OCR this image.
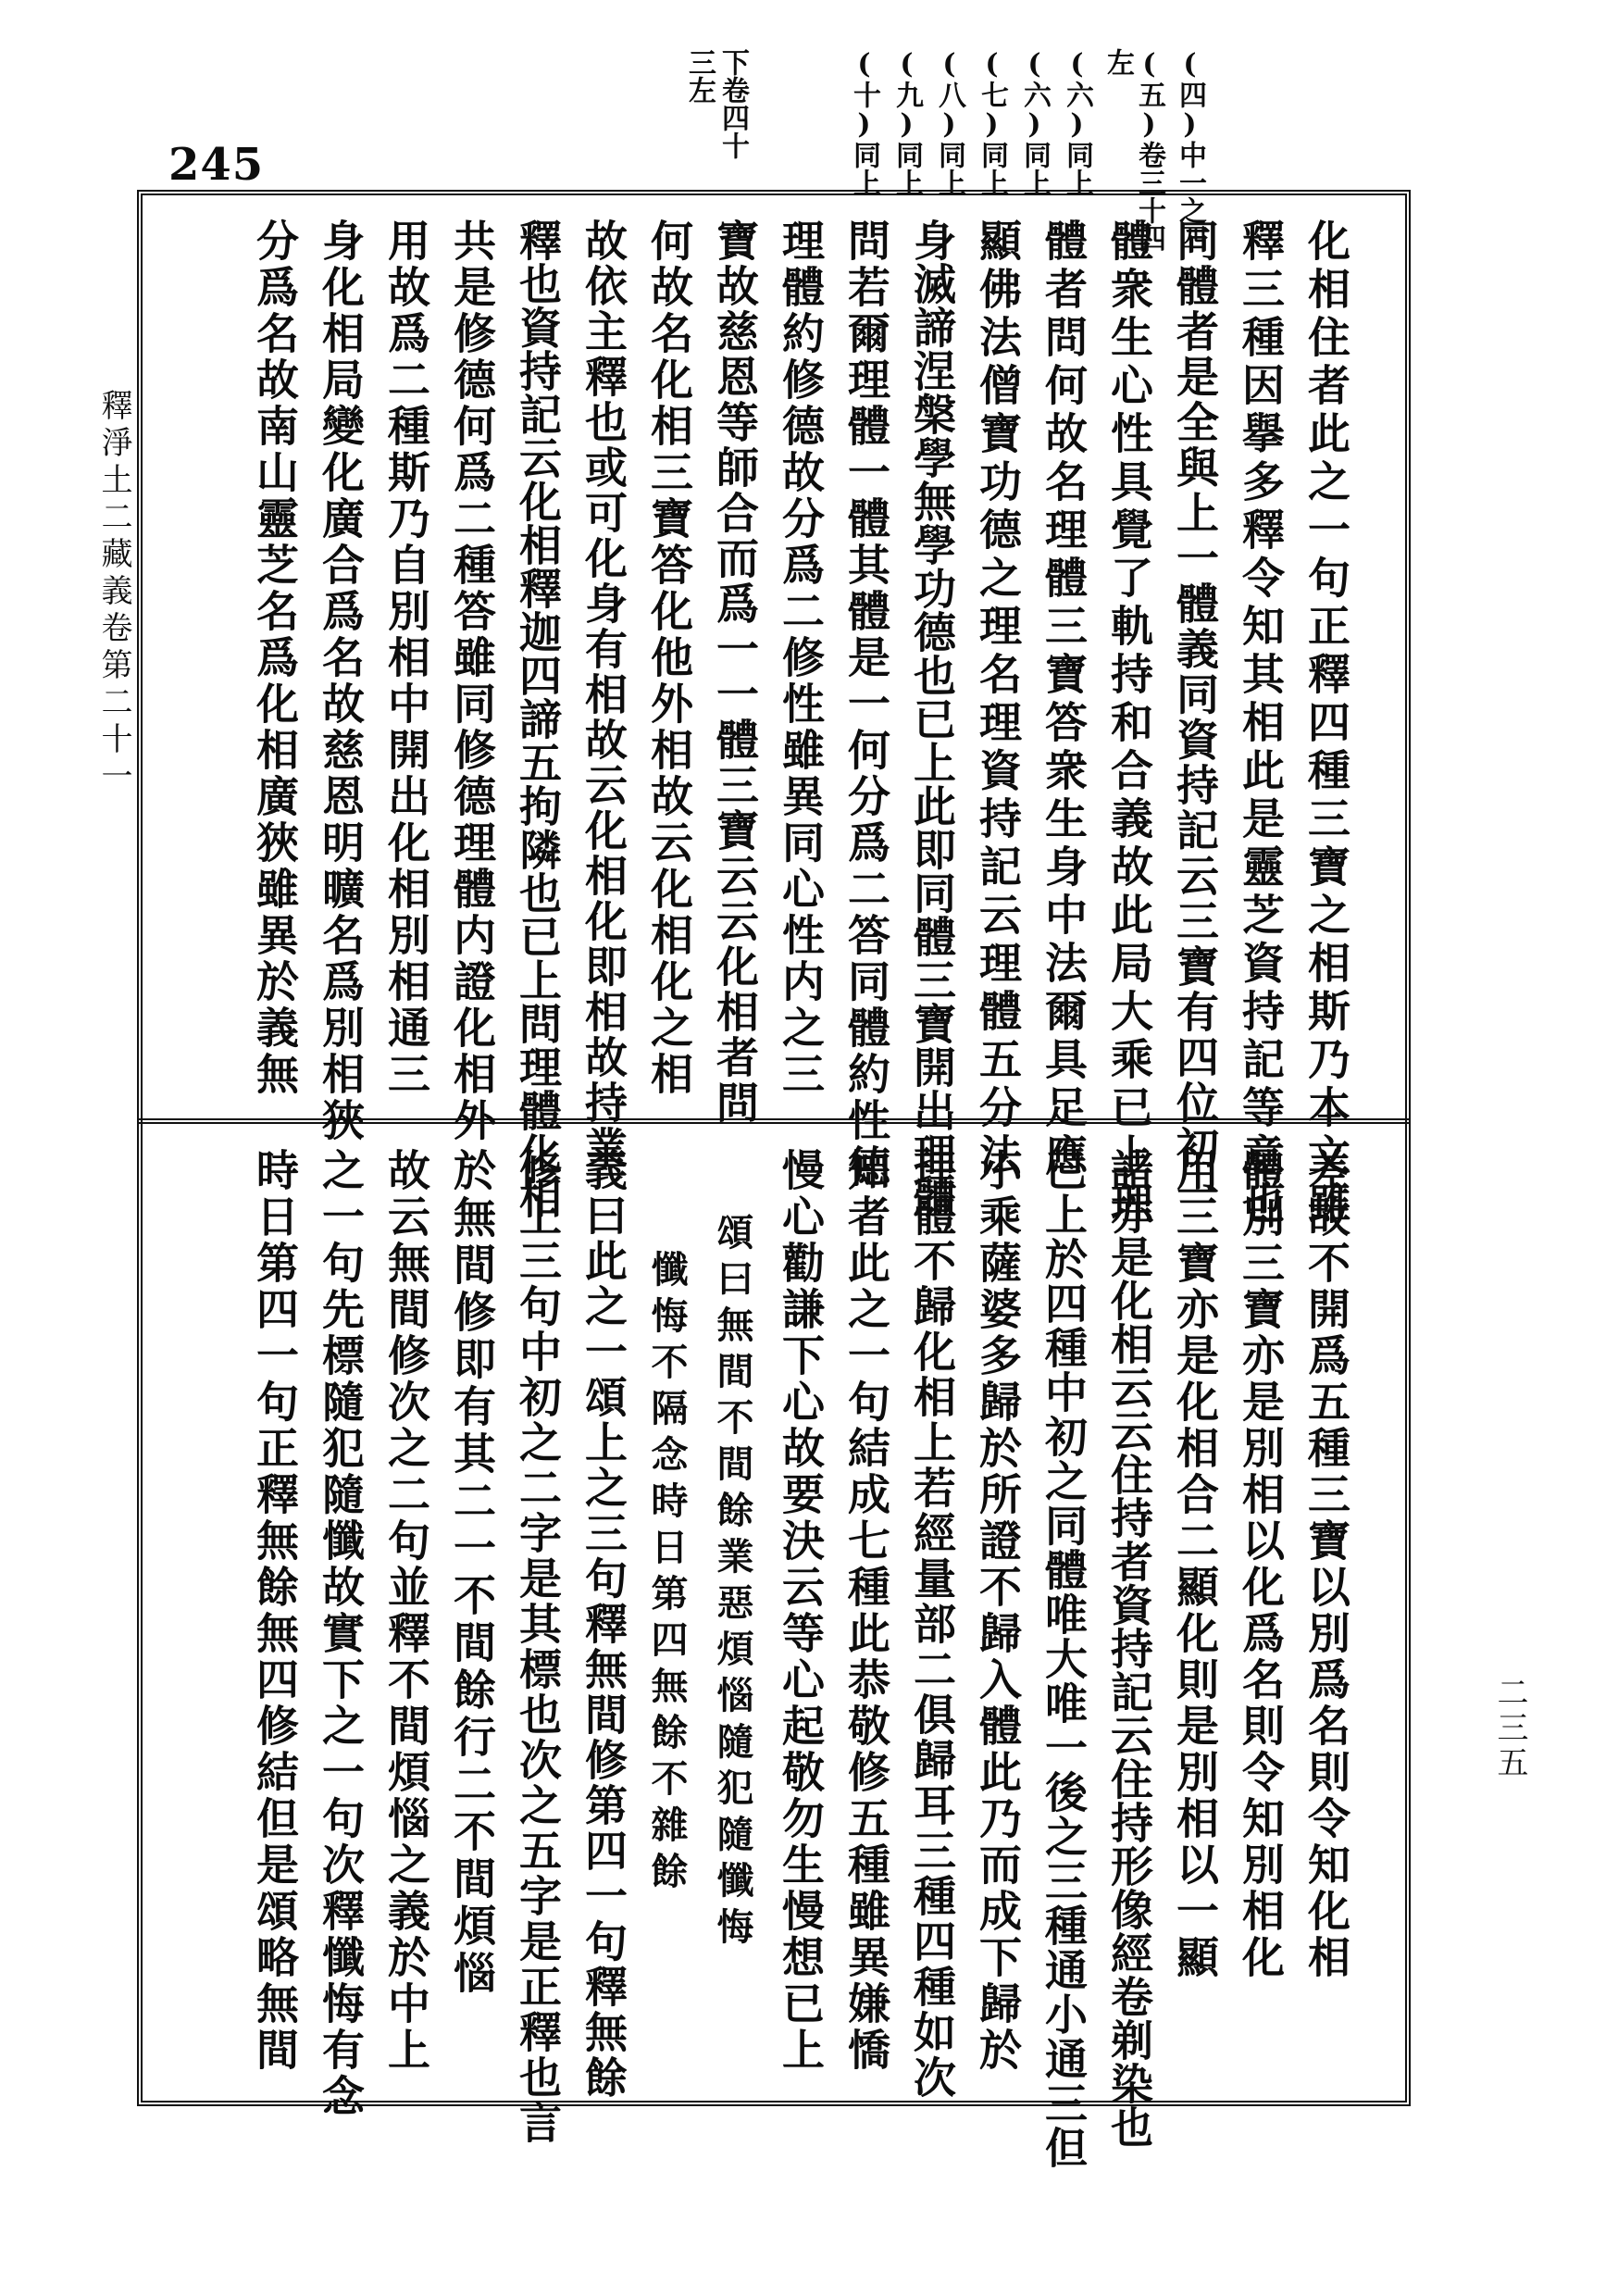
245	(四)中一之四
(五)卷三十四
左
(六)同上
(六)同上
(七)同上
(八)同上
(九)同上
(十)同上
下卷四十
三左
釋淨土二藏義卷第二十一
二三五
化相住者此之一句正釋四種三寶之相斯乃本文雖
釋三種因擧多釋令知其相此是靈芝資持記等意也
同體者是全與上一體義同資持記云三寶有四位初一
體衆生心性具覺了軌持和合義故此局大乘已上理
體者問何故名理體三寶答衆生身中法爾具足應
顯佛法僧寶功德之理名理資持記云理體五分法
身滅諦涅槃學無學功德也已上此即同體三寶開出理體
問若爾理體一體其體是一何分爲二答同體約性德
理體約修德故分爲二修性雖異同心性内之三
寶故慈恩等師合而爲一一體三寶云云化相者問
何故名化相三寶答化他外相故云化相化之相
故依主釋也或可化身有相故云化相化即相故持業
釋也資持記云化相釋迦四諦五拘隣也已上問理體化相
共是修德何爲二種答雖同修德理體内證化相外
用故爲二種斯乃自別相中開出化相別相通三
身化相局變化廣合爲名故慈恩明曠名爲別相狹
分爲名故南山靈芝名爲化相廣狹雖異於義無
差故不開爲五種三寶以別爲名則令知化相
體別三寶亦是別相以化爲名則令知別相化
用三寶亦是化相合二顯化則是別相以一顯
諸亦是化相云云住持者資持記云住持形像經卷剃染也
已上於四種中初之同體唯大唯一後之三種通小通三但
小乘薩婆多歸於所證不歸入體此乃而成下歸於
理體不歸化相上若經量部二俱歸耳三種四種如次
知者此之一句結成七種此恭敬修五種雖異嫌憍
慢心勸謙下心故要決云等心起敬勿生慢想已上
頌曰無間不間餘業惡煩惱隨犯隨懺悔
懺悔不隔念時日第四無餘不雜餘
義曰此之一頌上之三句釋無間修第四一句釋無餘
修上三句中初之二字是其標也次之五字是正釋也言
於無間修即有其二一不間餘行二不間煩惱
故云無間修次之二句並釋不間煩惱之義於中上
之一句先標隨犯隨懺故實下之一句次釋懺悔有念
時日第四一句正釋無餘無四修結但是頌略無間
